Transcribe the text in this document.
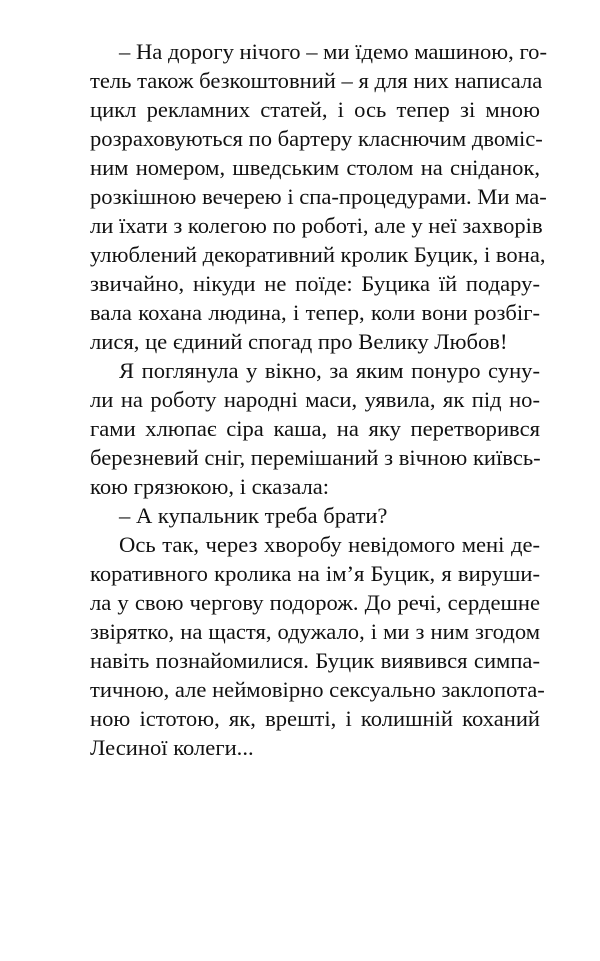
– На дорогу нічого – ми їдемо машиною, го-
тель також безкоштовний – я для них написала
цикл рекламних статей, і ось тепер зі мною
розраховуються по бартеру класнючим двоміс-
ним номером, шведським столом на сніданок,
розкішною вечерею і спа-процедурами. Ми ма-
ли їхати з колегою по роботі, але у неї захворів
улюблений декоративний кролик Буцик, і вона,
звичайно, нікуди не поїде: Буцика їй подару-
вала кохана людина, і тепер, коли вони розбіг-
лися, це єдиний спогад про Велику Любов!
Я поглянула у вікно, за яким понуро суну-
ли на роботу народні маси, уявила, як під но-
гами хлюпає сіра каша, на яку перетворився
березневий сніг, перемішаний з вічною київсь-
кою грязюкою, і сказала:
– А купальник треба брати?
Ось так, через хворобу невідомого мені де-
коративного кролика на ім’я Буцик, я вируши-
ла у свою чергову подорож. До речі, сердешне
звірятко, на щастя, одужало, і ми з ним згодом
навіть познайомилися. Буцик виявився симпа-
тичною, але неймовірно сексуально заклопота-
ною істотою, як, врешті, і колишній коханий
Лесиної колеги...
